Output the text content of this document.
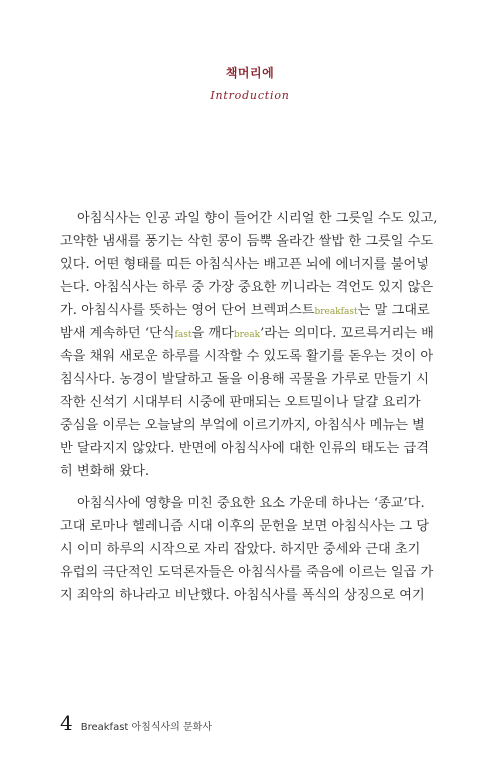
책머리에
Introduction
아침식사는 인공 과일 향이 들어간 시리얼 한 그릇일 수도 있고,
고약한 냄새를 풍기는 삭힌 콩이 듬뿍 올라간 쌀밥 한 그릇일 수도
있다. 어떤 형태를 띠든 아침식사는 배고픈 뇌에 에너지를 불어넣
는다. 아침식사는 하루 중 가장 중요한 끼니라는 격언도 있지 않은
가. 아침식사를 뜻하는 영어 단어 브렉퍼스트breakfast는 말 그대로
밤새 계속하던 ‘단식fast을 깨다break’라는 의미다. 꼬르륵거리는 배
속을 채워 새로운 하루를 시작할 수 있도록 활기를 돋우는 것이 아
침식사다. 농경이 발달하고 돌을 이용해 곡물을 가루로 만들기 시
작한 신석기 시대부터 시중에 판매되는 오트밀이나 달걀 요리가
중심을 이루는 오늘날의 부엌에 이르기까지, 아침식사 메뉴는 별
반 달라지지 않았다. 반면에 아침식사에 대한 인류의 태도는 급격
히 변화해 왔다.
아침식사에 영향을 미친 중요한 요소 가운데 하나는 ‘종교’다.
고대 로마나 헬레니즘 시대 이후의 문헌을 보면 아침식사는 그 당
시 이미 하루의 시작으로 자리 잡았다. 하지만 중세와 근대 초기
유럽의 극단적인 도덕론자들은 아침식사를 죽음에 이르는 일곱 가
지 죄악의 하나라고 비난했다. 아침식사를 폭식의 상징으로 여기
4 Breakfast 아침식사의 문화사
